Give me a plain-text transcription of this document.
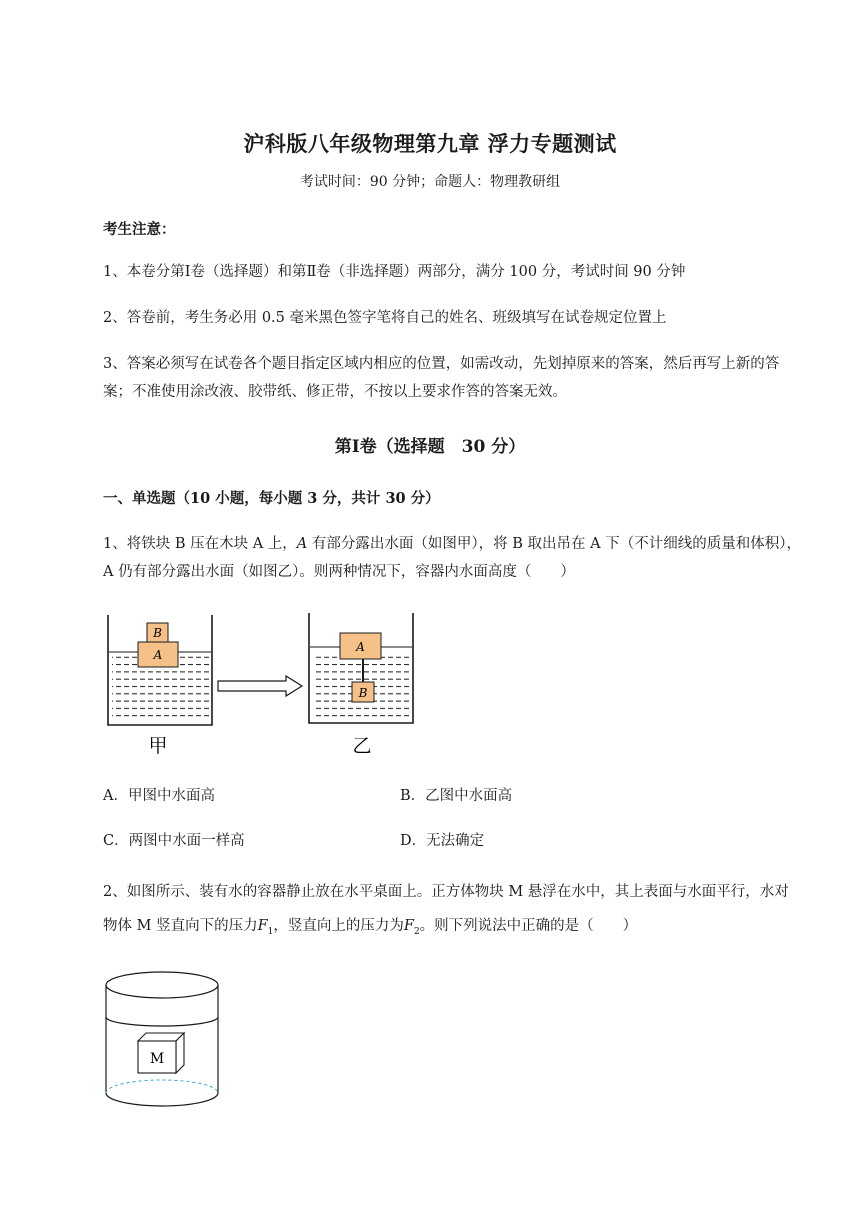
沪科版八年级物理第九章 浮力专题测试
考试时间：90 分钟；命题人：物理教研组
考生注意：
1、本卷分第Ⅰ卷（选择题）和第Ⅱ卷（非选择题）两部分，满分 100 分，考试时间 90 分钟
2、答卷前，考生务必用 0.5 毫米黑色签字笔将自己的姓名、班级填写在试卷规定位置上
3、答案必须写在试卷各个题目指定区域内相应的位置，如需改动，先划掉原来的答案，然后再写上新的答案；不准使用涂改液、胶带纸、修正带，不按以上要求作答的答案无效。
第Ⅰ卷（选择题　30 分）
一、单选题（10 小题，每小题 3 分，共计 30 分）
1、将铁块 B 压在木块 A 上，A 有部分露出水面（如图甲），将 B 取出吊在 A 下（不计细线的质量和体积），A 仍有部分露出水面（如图乙）。则两种情况下，容器内水面高度（　　）
A
B
A
B
甲	乙
A．甲图中水面高	B．乙图中水面高
C．两图中水面一样高	D．无法确定
2、如图所示、装有水的容器静止放在水平桌面上。正方体物块 M 悬浮在水中，其上表面与水面平行，水对物体 M 竖直向下的压力$F_1$，竖直向上的压力为$F_2$。则下列说法中正确的是（　　）
M
